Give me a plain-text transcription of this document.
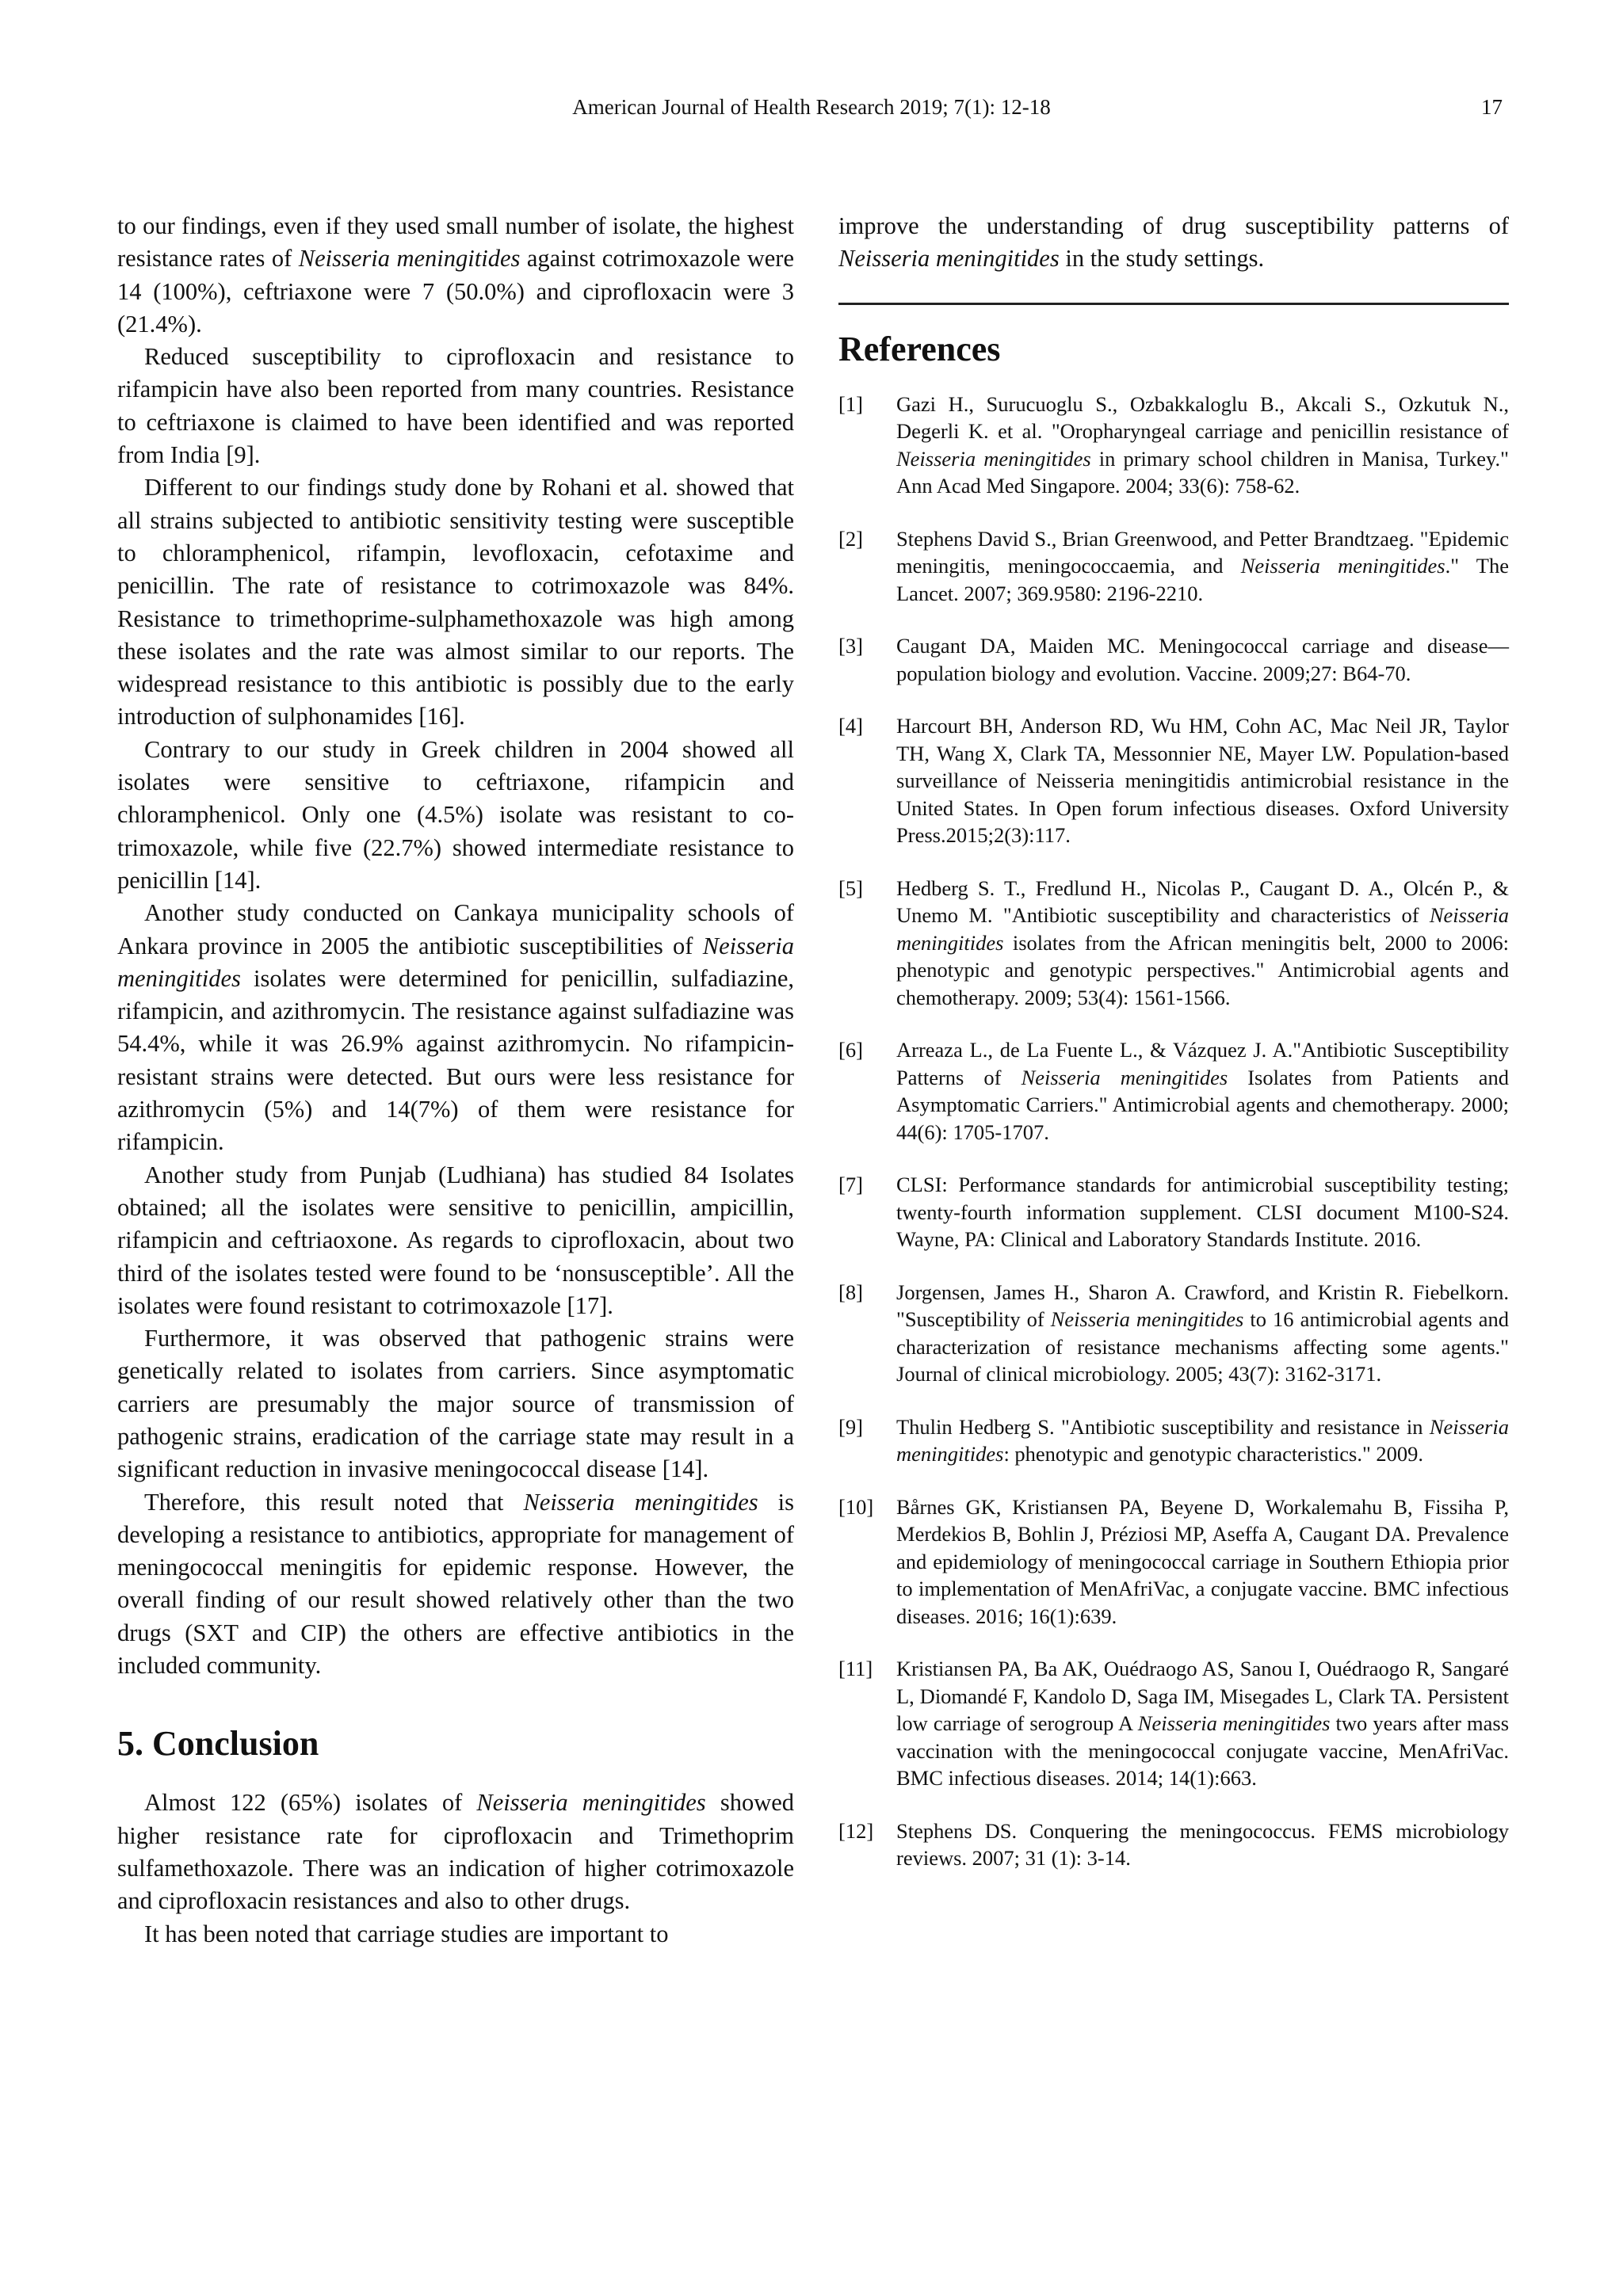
American Journal of Health Research 2019; 7(1): 12-18	17

to our findings, even if they used small number of isolate, the highest resistance rates of Neisseria meningitides against cotrimoxazole were 14 (100%), ceftriaxone were 7 (50.0%) and ciprofloxacin were 3 (21.4%).

Reduced susceptibility to ciprofloxacin and resistance to rifampicin have also been reported from many countries. Resistance to ceftriaxone is claimed to have been identified and was reported from India [9].

Different to our findings study done by Rohani et al. showed that all strains subjected to antibiotic sensitivity testing were susceptible to chloramphenicol, rifampin, levofloxacin, cefotaxime and penicillin. The rate of resistance to cotrimoxazole was 84%. Resistance to trimethoprime-sulphamethoxazole was high among these isolates and the rate was almost similar to our reports. The widespread resistance to this antibiotic is possibly due to the early introduction of sulphonamides [16].

Contrary to our study in Greek children in 2004 showed all isolates were sensitive to ceftriaxone, rifampicin and chloramphenicol. Only one (4.5%) isolate was resistant to co-trimoxazole, while five (22.7%) showed intermediate resistance to penicillin [14].

Another study conducted on Cankaya municipality schools of Ankara province in 2005 the antibiotic susceptibilities of Neisseria meningitides isolates were determined for penicillin, sulfadiazine, rifampicin, and azithromycin. The resistance against sulfadiazine was 54.4%, while it was 26.9% against azithromycin. No rifampicin-resistant strains were detected. But ours were less resistance for azithromycin (5%) and 14(7%) of them were resistance for rifampicin.

Another study from Punjab (Ludhiana) has studied 84 Isolates obtained; all the isolates were sensitive to penicillin, ampicillin, rifampicin and ceftriaoxone. As regards to ciprofloxacin, about two third of the isolates tested were found to be ‘nonsusceptible’. All the isolates were found resistant to cotrimoxazole [17].

Furthermore, it was observed that pathogenic strains were genetically related to isolates from carriers. Since asymptomatic carriers are presumably the major source of transmission of pathogenic strains, eradication of the carriage state may result in a significant reduction in invasive meningococcal disease [14].

Therefore, this result noted that Neisseria meningitides is developing a resistance to antibiotics, appropriate for management of meningococcal meningitis for epidemic response. However, the overall finding of our result showed relatively other than the two drugs (SXT and CIP) the others are effective antibiotics in the included community.

5. Conclusion

Almost 122 (65%) isolates of Neisseria meningitides showed higher resistance rate for ciprofloxacin and Trimethoprim sulfamethoxazole. There was an indication of higher cotrimoxazole and ciprofloxacin resistances and also to other drugs.

It has been noted that carriage studies are important to

improve the understanding of drug susceptibility patterns of Neisseria meningitides in the study settings.

References
[1]	Gazi H., Surucuoglu S., Ozbakkaloglu B., Akcali S., Ozkutuk N., Degerli K. et al. "Oropharyngeal carriage and penicillin resistance of Neisseria meningitides in primary school children in Manisa, Turkey." Ann Acad Med Singapore. 2004; 33(6): 758-62.
[2]	Stephens David S., Brian Greenwood, and Petter Brandtzaeg. "Epidemic meningitis, meningococcaemia, and Neisseria meningitides." The Lancet. 2007; 369.9580: 2196-2210.
[3]	Caugant DA, Maiden MC. Meningococcal carriage and disease—population biology and evolution. Vaccine. 2009;27: B64-70.
[4]	Harcourt BH, Anderson RD, Wu HM, Cohn AC, Mac Neil JR, Taylor TH, Wang X, Clark TA, Messonnier NE, Mayer LW. Population-based surveillance of Neisseria meningitidis antimicrobial resistance in the United States. In Open forum infectious diseases. Oxford University Press.2015;2(3):117.
[5]	Hedberg S. T., Fredlund H., Nicolas P., Caugant D. A., Olcén P., & Unemo M. "Antibiotic susceptibility and characteristics of Neisseria meningitides isolates from the African meningitis belt, 2000 to 2006: phenotypic and genotypic perspectives." Antimicrobial agents and chemotherapy. 2009; 53(4): 1561-1566.
[6]	Arreaza L., de La Fuente L., & Vázquez J. A."Antibiotic Susceptibility Patterns of Neisseria meningitides Isolates from Patients and Asymptomatic Carriers." Antimicrobial agents and chemotherapy. 2000; 44(6): 1705-1707.
[7]	CLSI: Performance standards for antimicrobial susceptibility testing; twenty-fourth information supplement. CLSI document M100-S24. Wayne, PA: Clinical and Laboratory Standards Institute. 2016.
[8]	Jorgensen, James H., Sharon A. Crawford, and Kristin R. Fiebelkorn. "Susceptibility of Neisseria meningitides to 16 antimicrobial agents and characterization of resistance mechanisms affecting some agents." Journal of clinical microbiology. 2005; 43(7): 3162-3171.
[9]	Thulin Hedberg S. "Antibiotic susceptibility and resistance in Neisseria meningitides: phenotypic and genotypic characteristics." 2009.
[10]	Bårnes GK, Kristiansen PA, Beyene D, Workalemahu B, Fissiha P, Merdekios B, Bohlin J, Préziosi MP, Aseffa A, Caugant DA. Prevalence and epidemiology of meningococcal carriage in Southern Ethiopia prior to implementation of MenAfriVac, a conjugate vaccine. BMC infectious diseases. 2016; 16(1):639.
[11]	Kristiansen PA, Ba AK, Ouédraogo AS, Sanou I, Ouédraogo R, Sangaré L, Diomandé F, Kandolo D, Saga IM, Misegades L, Clark TA. Persistent low carriage of serogroup A Neisseria meningitides two years after mass vaccination with the meningococcal conjugate vaccine, MenAfriVac. BMC infectious diseases. 2014; 14(1):663.
[12]	Stephens DS. Conquering the meningococcus. FEMS microbiology reviews. 2007; 31 (1): 3-14.
